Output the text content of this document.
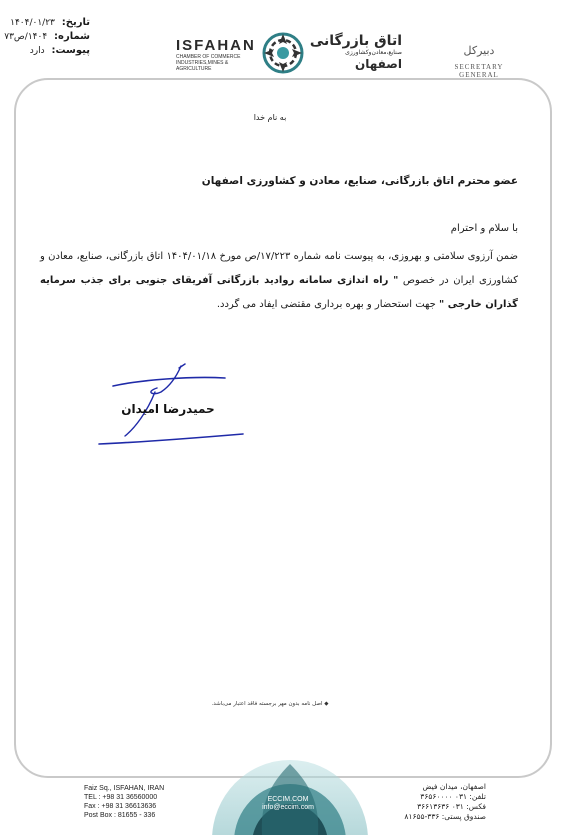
تاریخ: ۱۴۰۴/۰۱/۲۳
شماره: ۱۴۰۴/ص۷۳
پیوست: دارد	ISFAHAN
CHAMBER OF COMMERCE
INDUSTRIES,MINES & AGRICULTURE
اتاق بازرگانی
صنایع،معادن‌وکشاورزی
اصفهان
دبیرکل
SECRETARY GENERAL
به نام خدا
عضو محترم اتاق بازرگانی، صنایع، معادن و کشاورزی اصفهان
با سلام و احترام
ضمن آرزوی سلامتی و بهروزی، به پیوست نامه شماره ۱۷/۲۲۳/ص مورخ ۱۴۰۴/۰۱/۱۸ اتاق بازرگانی، صنایع، معادن و کشاورزی ایران در خصوص " راه اندازی سامانه روادید بازرگانی آفریقای جنوبی برای جذب سرمایه گذاران خارجی " جهت استحضار و بهره برداری مقتضی ایفاد می گردد.
حمیدرضا امیدان
◆ اصل نامه بدون مهر برجسته فاقد اعتبار می‌باشد.
Faiz Sq., ISFAHAN, IRAN
TEL : +98 31 36560000
Fax : +98 31 36613636
Post Box : 81655 - 336
ECCIM.COM
info@eccim.com
اصفهان، میدان فیض
تلفن: ۰۳۱ ۳۶۵۶۰۰۰۰
فکس: ۰۳۱ ۳۶۶۱۳۶۳۶
صندوق پستی: ۳۳۶-۸۱۶۵۵
